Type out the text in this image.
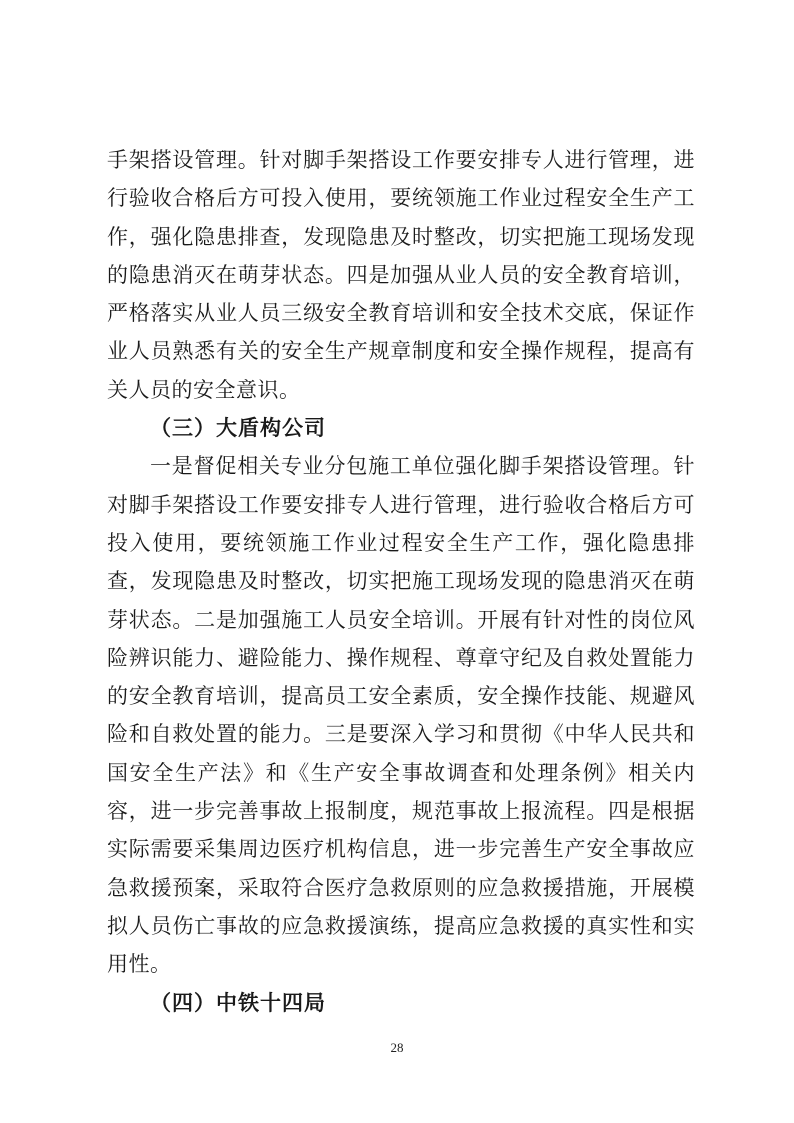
手架搭设管理。针对脚手架搭设工作要安排专人进行管理，进行验收合格后方可投入使用，要统领施工作业过程安全生产工作，强化隐患排查，发现隐患及时整改，切实把施工现场发现的隐患消灭在萌芽状态。四是加强从业人员的安全教育培训，严格落实从业人员三级安全教育培训和安全技术交底，保证作业人员熟悉有关的安全生产规章制度和安全操作规程，提高有关人员的安全意识。

（三）大盾构公司

一是督促相关专业分包施工单位强化脚手架搭设管理。针对脚手架搭设工作要安排专人进行管理，进行验收合格后方可投入使用，要统领施工作业过程安全生产工作，强化隐患排查，发现隐患及时整改，切实把施工现场发现的隐患消灭在萌芽状态。二是加强施工人员安全培训。开展有针对性的岗位风险辨识能力、避险能力、操作规程、尊章守纪及自救处置能力的安全教育培训，提高员工安全素质，安全操作技能、规避风险和自救处置的能力。三是要深入学习和贯彻《中华人民共和国安全生产法》和《生产安全事故调查和处理条例》相关内容，进一步完善事故上报制度，规范事故上报流程。四是根据实际需要采集周边医疗机构信息，进一步完善生产安全事故应急救援预案，采取符合医疗急救原则的应急救援措施，开展模拟人员伤亡事故的应急救援演练，提高应急救援的真实性和实用性。

（四）中铁十四局

28
